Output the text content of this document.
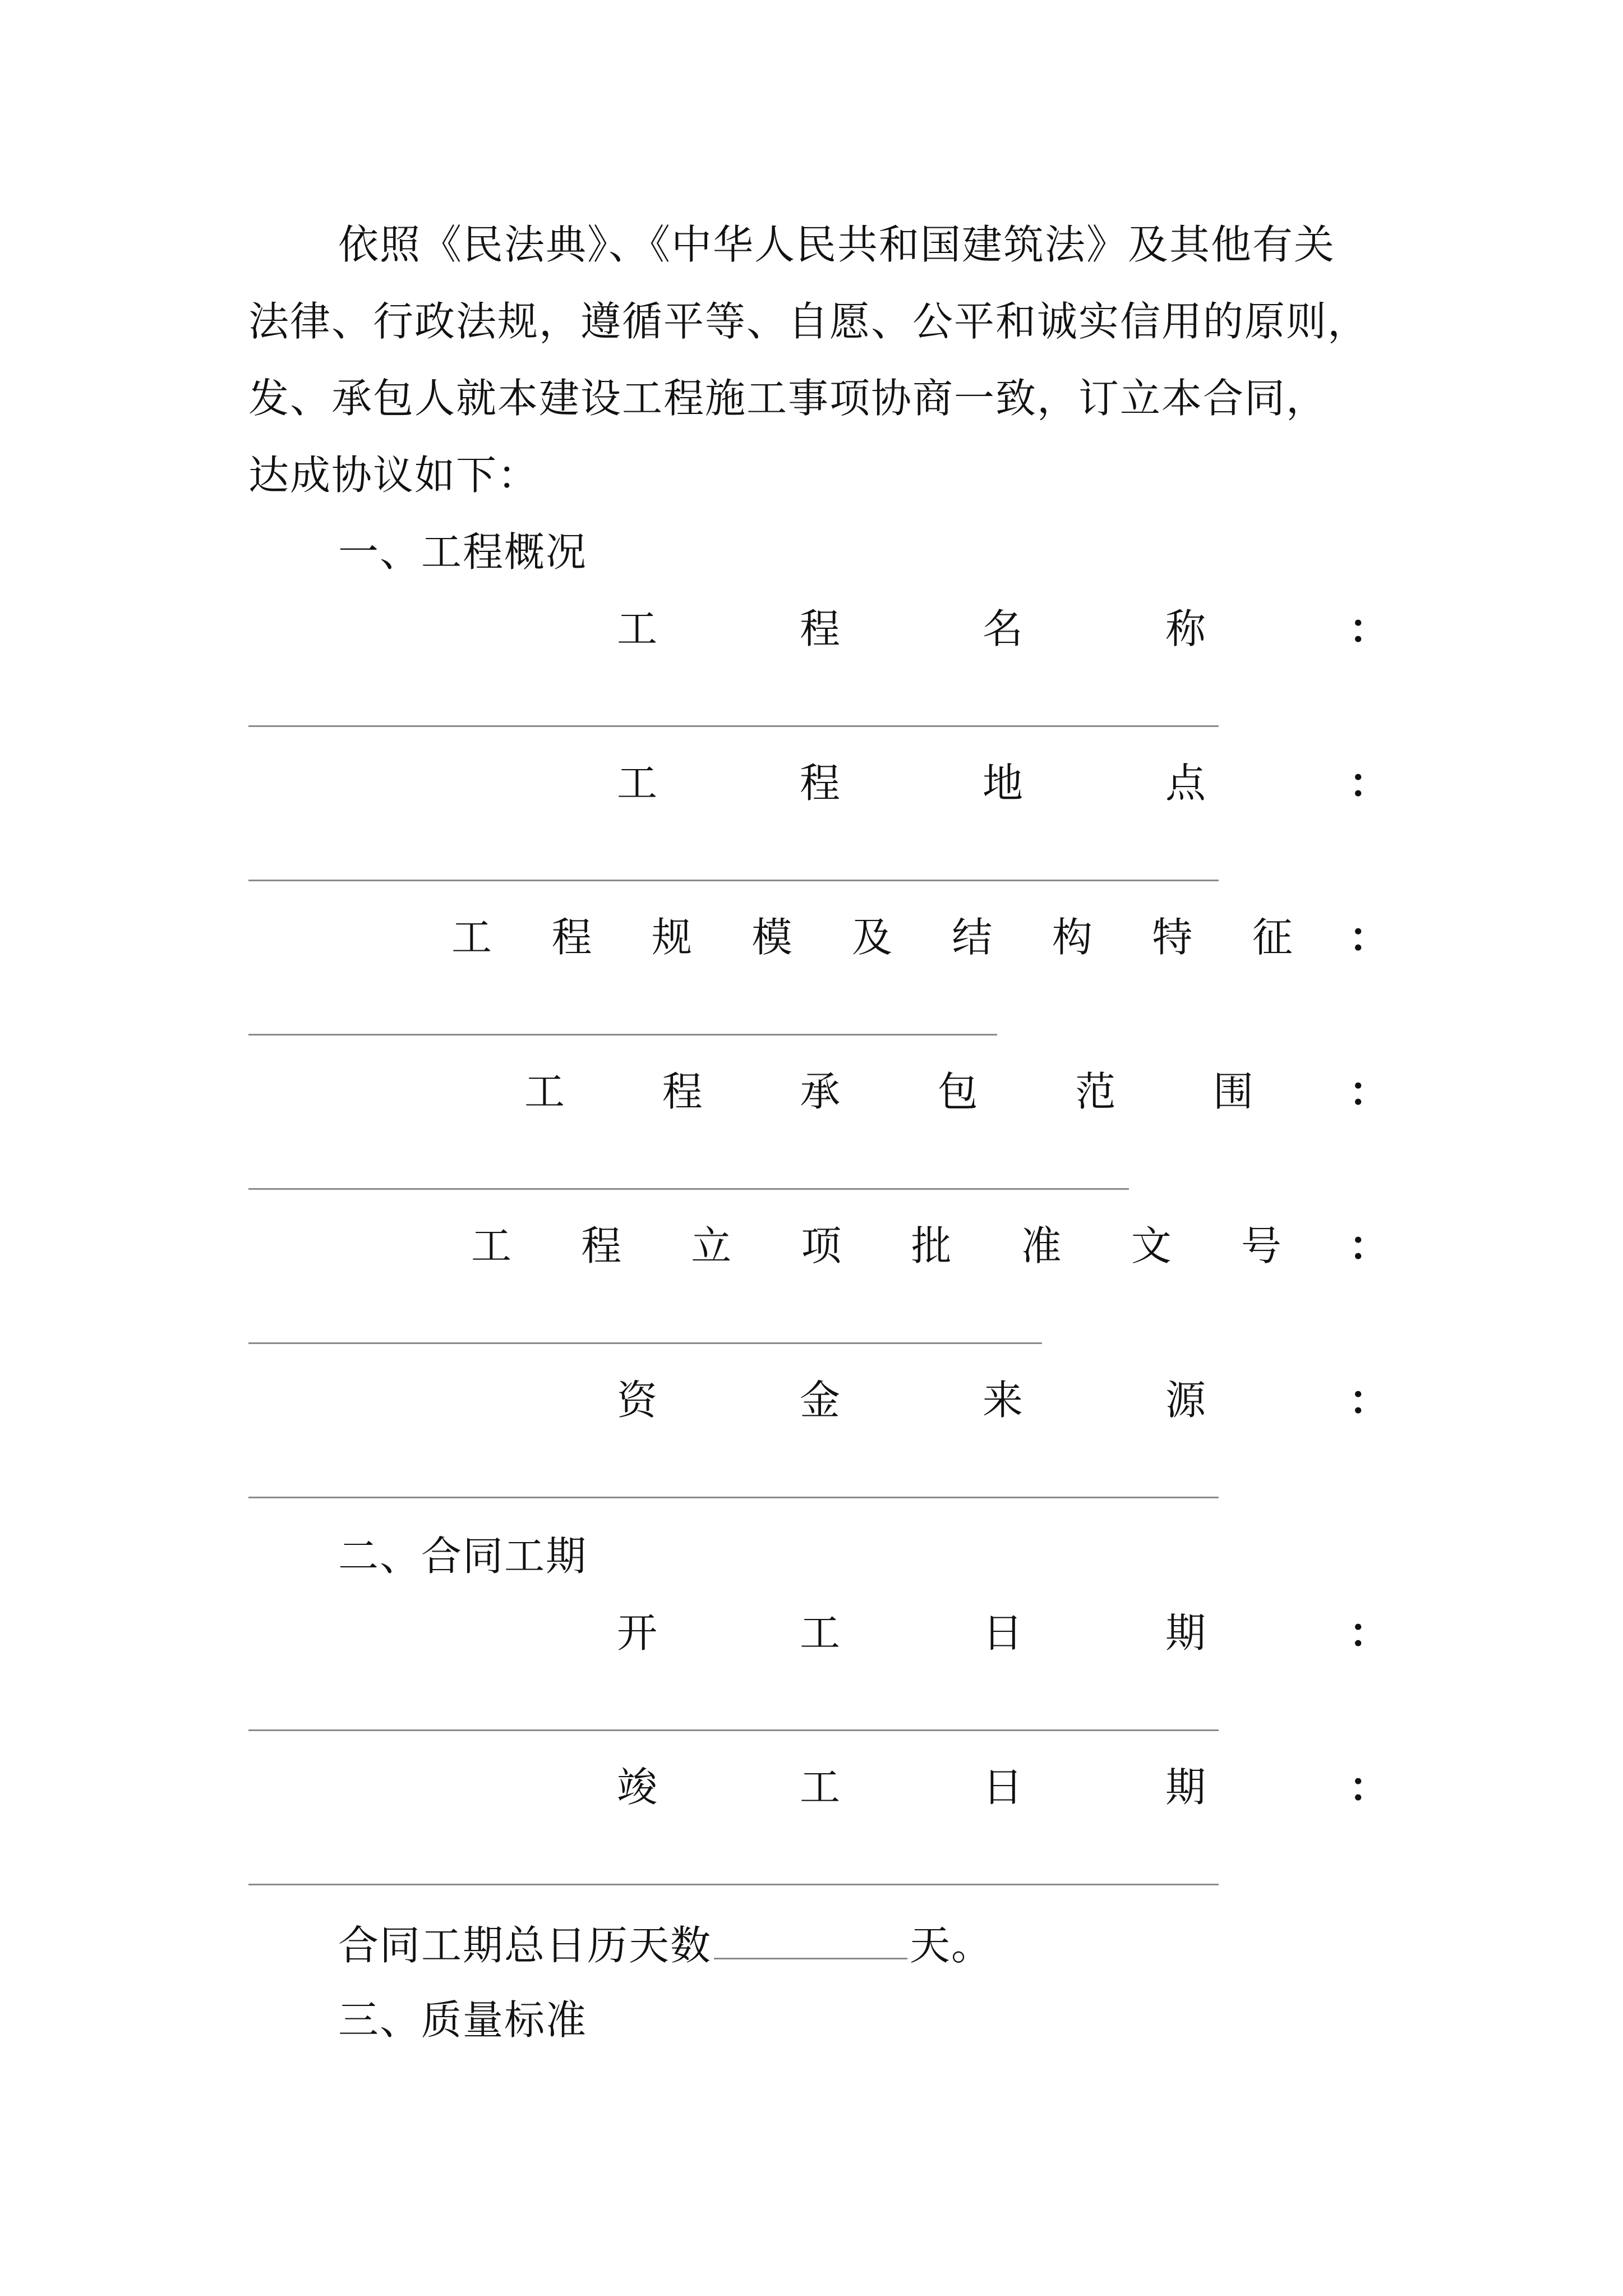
依照《民法典》、《中华人民共和国建筑法》及其他有关
法律、行政法规，遵循平等、自愿、公平和诚实信用的原则，
发、承包人就本建设工程施工事项协商一致，订立本合同，
达成协议如下：
一、工程概况
工	程	名	称	：
工	程	地	点	：
工 程 规 模 及 结 构 特 征 ：
工 程 承 包 范 围 ：
工 程 立 项 批 准 文 号 ：
资	金	来	源	：
二、合同工期
开	工	日	期	：
竣	工	日	期	：
合同工期总日历天数	天。
三、质量标准
